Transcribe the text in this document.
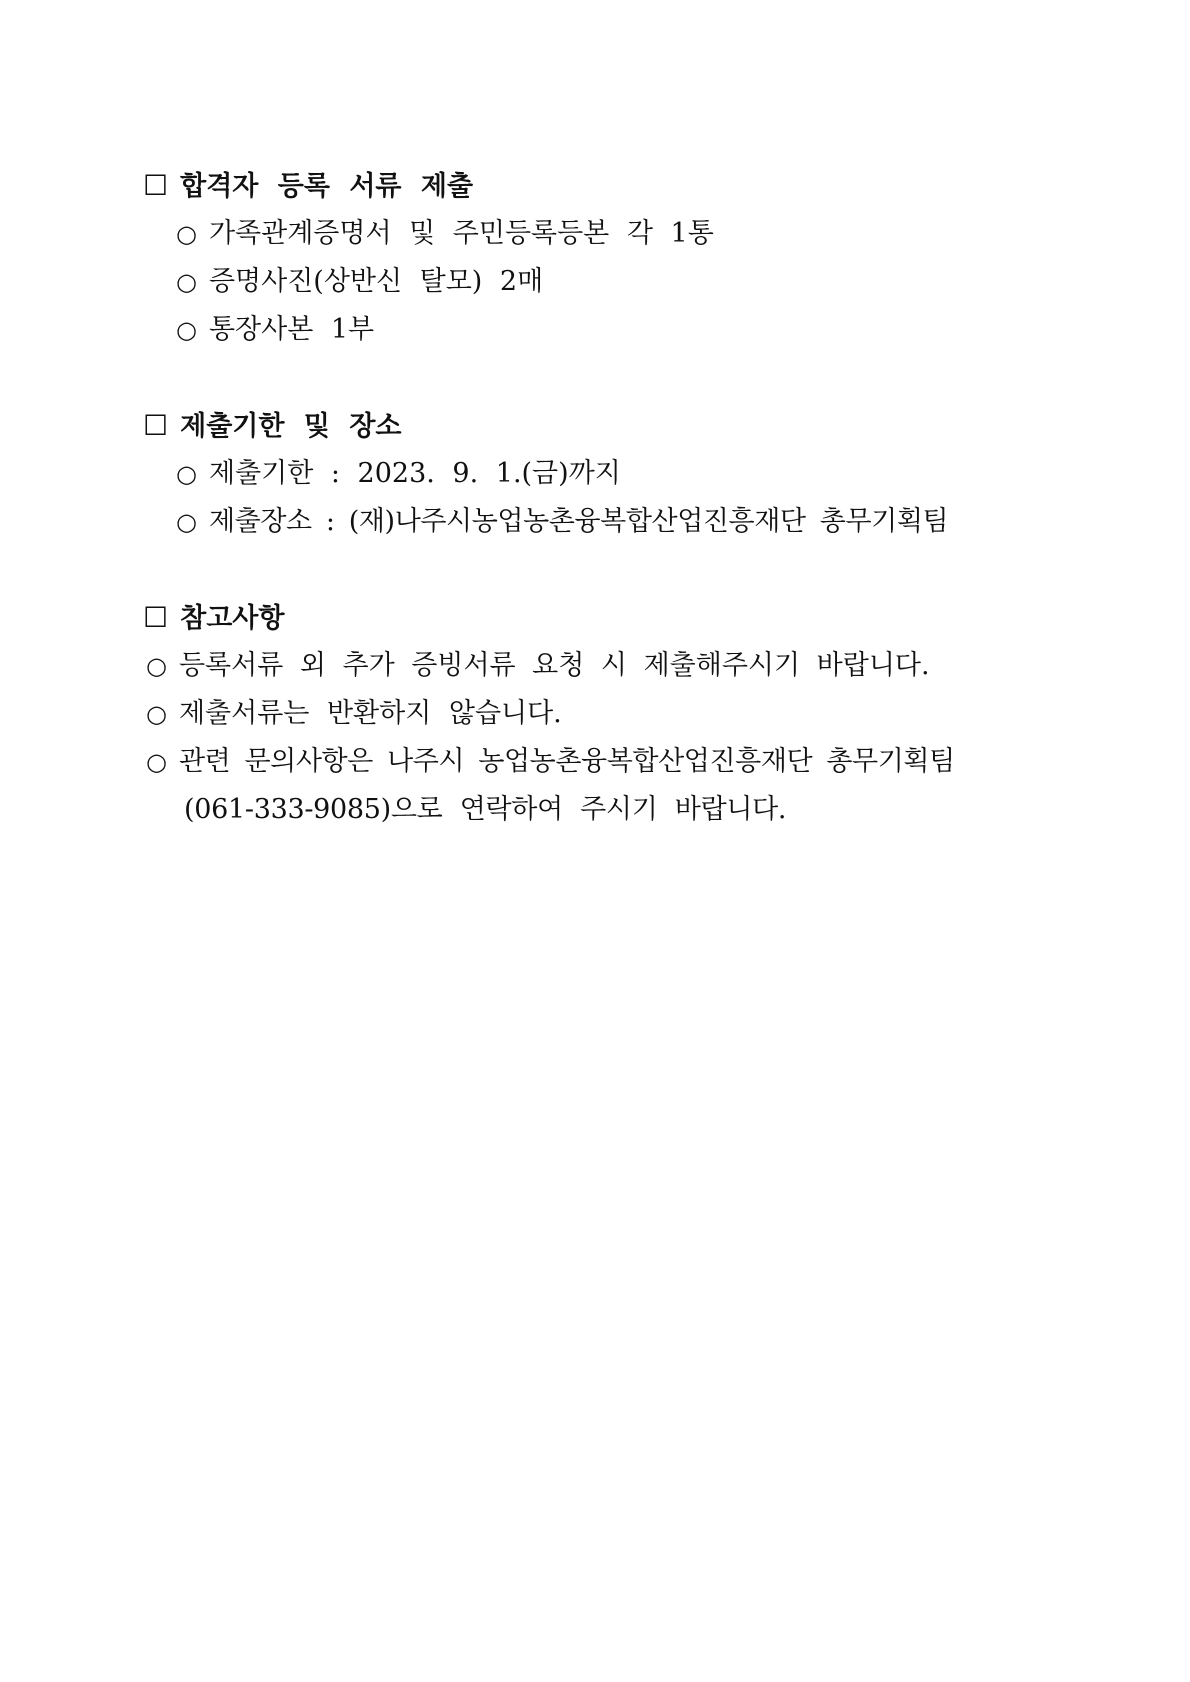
☐ 합격자 등록 서류 제출
○ 가족관계증명서 및 주민등록등본 각 1통
○ 증명사진(상반신 탈모) 2매
○ 통장사본 1부
☐ 제출기한 및 장소
○ 제출기한 : 2023. 9. 1.(금)까지
○ 제출장소 : (재)나주시농업농촌융복합산업진흥재단 총무기획팀
☐ 참고사항
○ 등록서류 외 추가 증빙서류 요청 시 제출해주시기 바랍니다.
○ 제출서류는 반환하지 않습니다.
○ 관련 문의사항은 나주시 농업농촌융복합산업진흥재단 총무기획팀
(061-333-9085)으로 연락하여 주시기 바랍니다.
